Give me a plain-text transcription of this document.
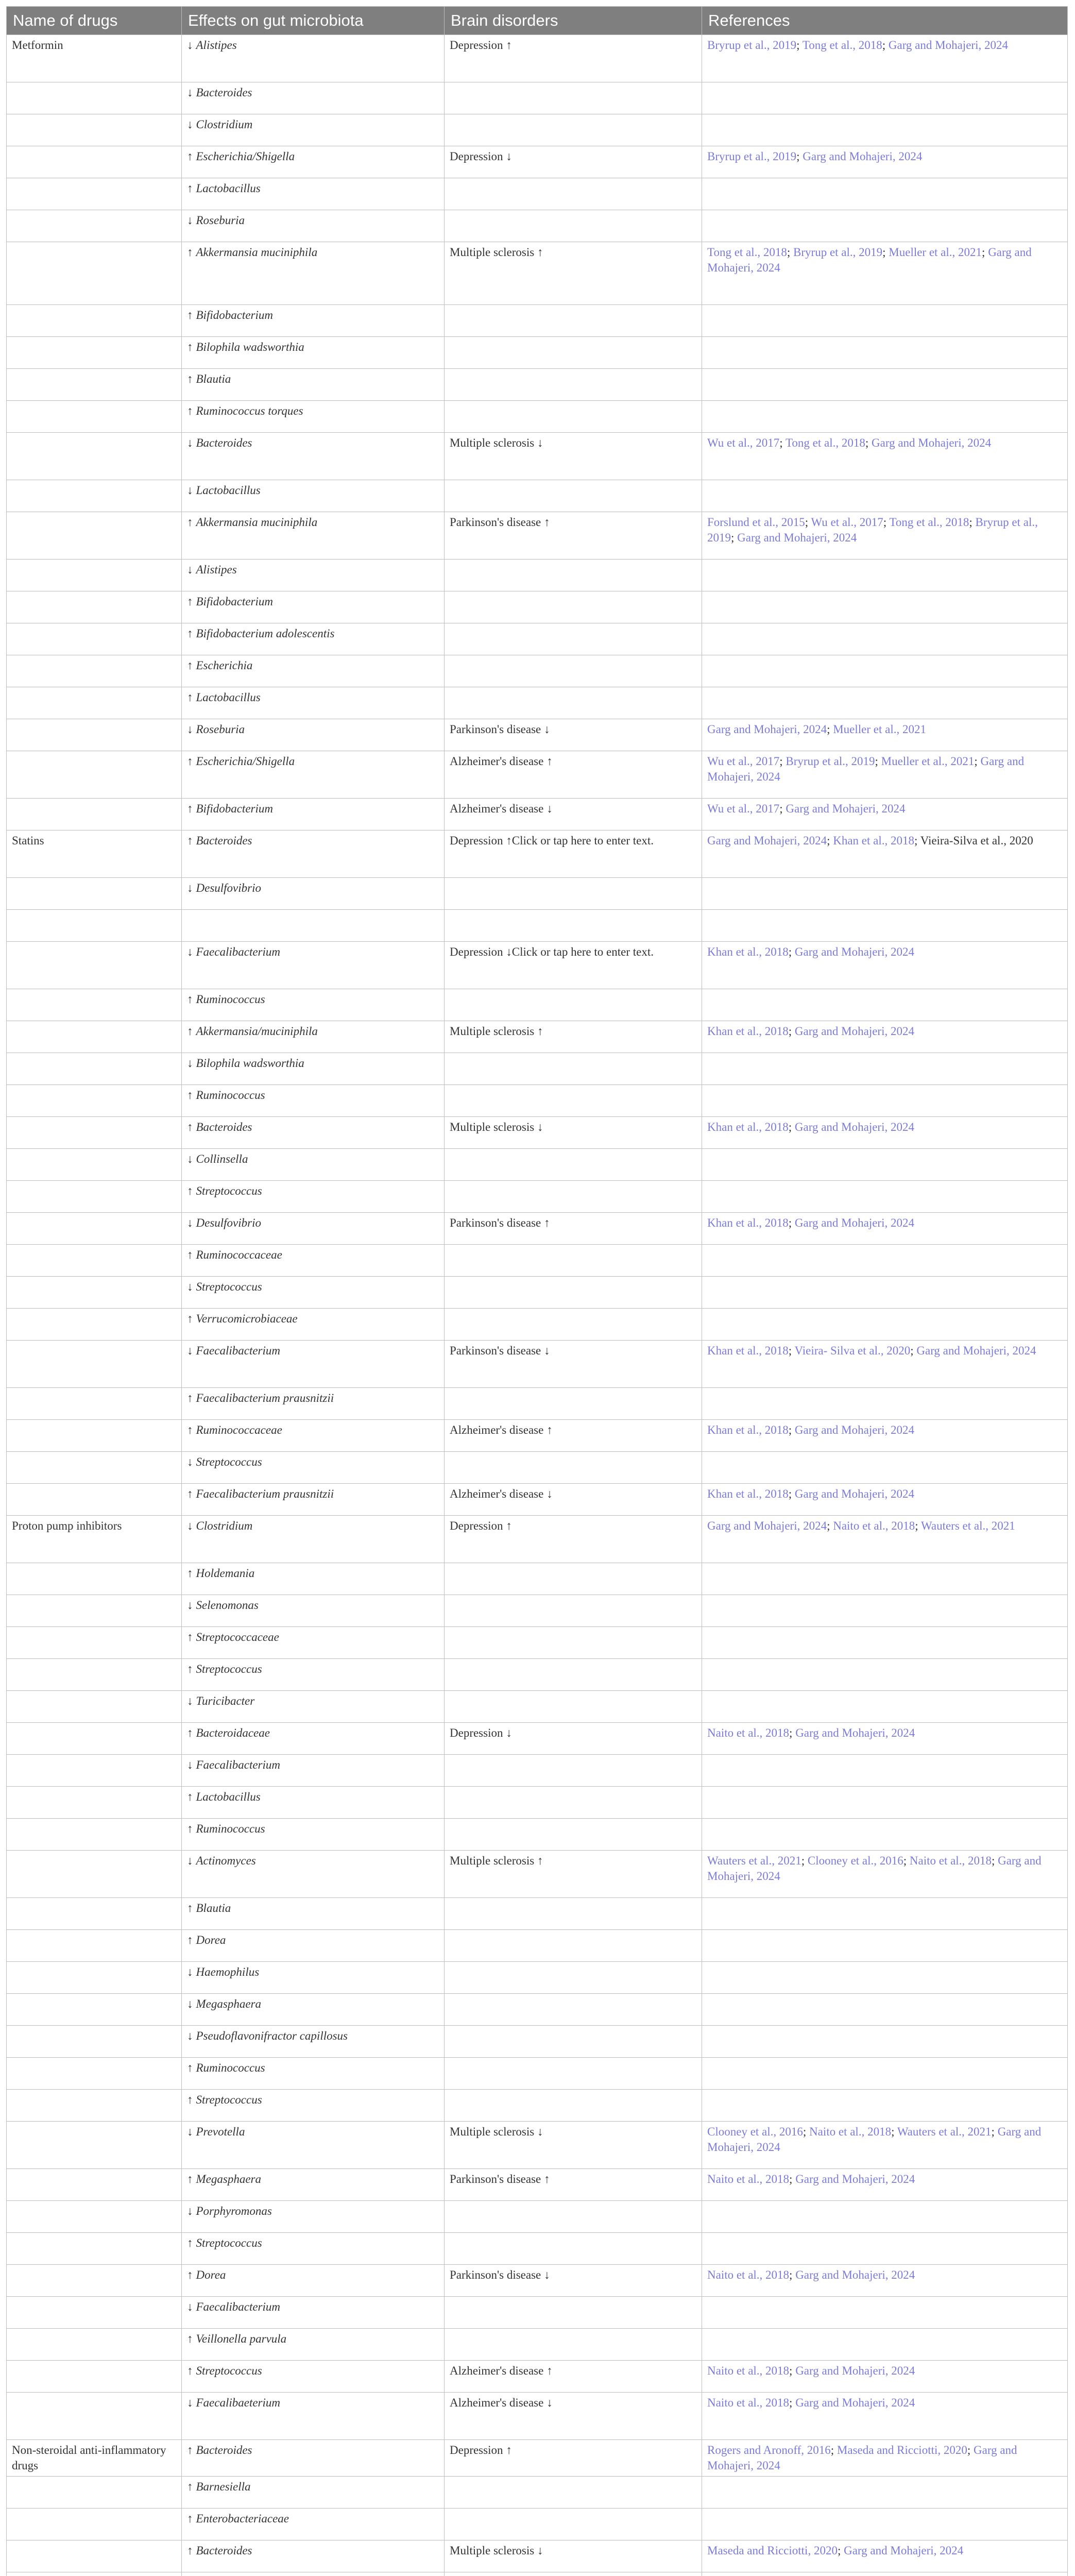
Name of drugs	Effects on gut microbiota	Brain disorders	References
Metformin	↓ Alistipes	Depression ↑	Bryrup et al., 2019; Tong et al., 2018; Garg and Mohajeri, 2024
	↓ Bacteroides		
	↓ Clostridium		
	↑ Escherichia/Shigella	Depression ↓	Bryrup et al., 2019; Garg and Mohajeri, 2024
	↑ Lactobacillus		
	↓ Roseburia		
	↑ Akkermansia muciniphila	Multiple sclerosis ↑	Tong et al., 2018; Bryrup et al., 2019; Mueller et al., 2021; Garg and Mohajeri, 2024
	↑ Bifidobacterium		
	↑ Bilophila wadsworthia		
	↑ Blautia		
	↑ Ruminococcus torques		
	↓ Bacteroides	Multiple sclerosis ↓	Wu et al., 2017; Tong et al., 2018; Garg and Mohajeri, 2024
	↓ Lactobacillus		
	↑ Akkermansia muciniphila	Parkinson's disease ↑	Forslund et al., 2015; Wu et al., 2017; Tong et al., 2018; Bryrup et al., 2019; Garg and Mohajeri, 2024
	↓ Alistipes		
	↑ Bifidobacterium		
	↑ Bifidobacterium adolescentis		
	↑ Escherichia		
	↑ Lactobacillus		
	↓ Roseburia	Parkinson's disease ↓	Garg and Mohajeri, 2024; Mueller et al., 2021
	↑ Escherichia/Shigella	Alzheimer's disease ↑	Wu et al., 2017; Bryrup et al., 2019; Mueller et al., 2021; Garg and Mohajeri, 2024
	↑ Bifidobacterium	Alzheimer's disease ↓	Wu et al., 2017; Garg and Mohajeri, 2024
Statins	↑ Bacteroides	Depression ↑Click or tap here to enter text.	Garg and Mohajeri, 2024; Khan et al., 2018; Vieira-Silva et al., 2020
	↓ Desulfovibrio		

	↓ Faecalibacterium	Depression ↓Click or tap here to enter text.	Khan et al., 2018; Garg and Mohajeri, 2024
	↑ Ruminococcus		
	↑ Akkermansia/muciniphila	Multiple sclerosis ↑	Khan et al., 2018; Garg and Mohajeri, 2024
	↓ Bilophila wadsworthia		
	↑ Ruminococcus		
	↑ Bacteroides	Multiple sclerosis ↓	Khan et al., 2018; Garg and Mohajeri, 2024
	↓ Collinsella		
	↑ Streptococcus		
	↓ Desulfovibrio	Parkinson's disease ↑	Khan et al., 2018; Garg and Mohajeri, 2024
	↑ Ruminococcaceae		
	↓ Streptococcus		
	↑ Verrucomicrobiaceae		
	↓ Faecalibacterium	Parkinson's disease ↓	Khan et al., 2018; Vieira- Silva et al., 2020; Garg and Mohajeri, 2024
	↑ Faecalibacterium prausnitzii		
	↑ Ruminococcaceae	Alzheimer's disease ↑	Khan et al., 2018; Garg and Mohajeri, 2024
	↓ Streptococcus		
	↑ Faecalibacterium prausnitzii	Alzheimer's disease ↓	Khan et al., 2018; Garg and Mohajeri, 2024
Proton pump inhibitors	↓ Clostridium	Depression ↑	Garg and Mohajeri, 2024; Naito et al., 2018; Wauters et al., 2021
	↑ Holdemania		
	↓ Selenomonas		
	↑ Streptococcaceae		
	↑ Streptococcus		
	↓ Turicibacter		
	↑ Bacteroidaceae	Depression ↓	Naito et al., 2018; Garg and Mohajeri, 2024
	↓ Faecalibacterium		
	↑ Lactobacillus		
	↑ Ruminococcus		
	↓ Actinomyces	Multiple sclerosis ↑	Wauters et al., 2021; Clooney et al., 2016; Naito et al., 2018; Garg and Mohajeri, 2024
	↑ Blautia		
	↑ Dorea		
	↓ Haemophilus		
	↓ Megasphaera		
	↓ Pseudoflavonifractor capillosus		
	↑ Ruminococcus		
	↑ Streptococcus		
	↓ Prevotella	Multiple sclerosis ↓	Clooney et al., 2016; Naito et al., 2018; Wauters et al., 2021; Garg and Mohajeri, 2024
	↑ Megasphaera	Parkinson's disease ↑	Naito et al., 2018; Garg and Mohajeri, 2024
	↓ Porphyromonas		
	↑ Streptococcus		
	↑ Dorea	Parkinson's disease ↓	Naito et al., 2018; Garg and Mohajeri, 2024
	↓ Faecalibacterium		
	↑ Veillonella parvula		
	↑ Streptococcus	Alzheimer's disease ↑	Naito et al., 2018; Garg and Mohajeri, 2024
	↓ Faecalibaeterium	Alzheimer's disease ↓	Naito et al., 2018; Garg and Mohajeri, 2024
Non-steroidal anti-inflammatory drugs	↑ Bacteroides	Depression ↑	Rogers and Aronoff, 2016; Maseda and Ricciotti, 2020; Garg and Mohajeri, 2024
	↑ Barnesiella		
	↑ Enterobacteriaceae		
	↑ Bacteroides	Multiple sclerosis ↓	Maseda and Ricciotti, 2020; Garg and Mohajeri, 2024
